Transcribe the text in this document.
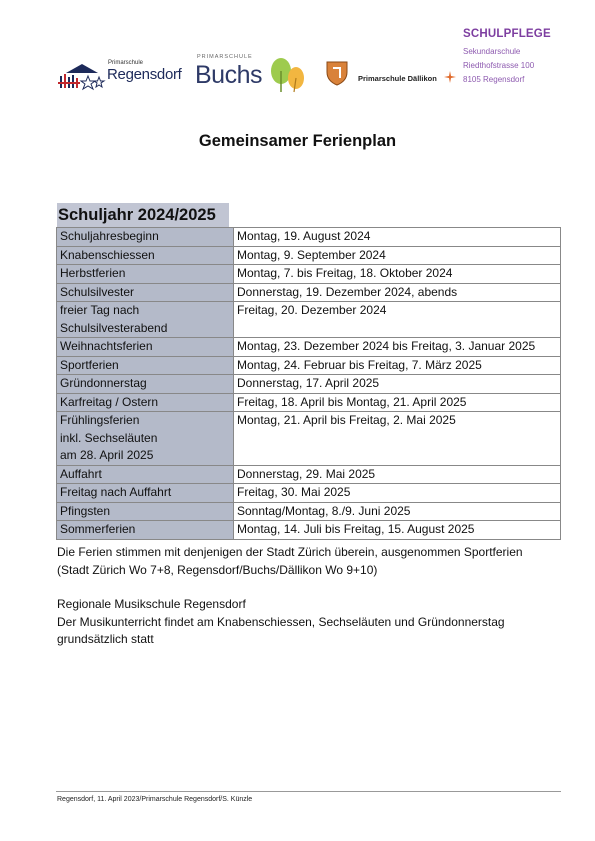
Primarschule
Regensdorf
PRIMARSCHULE
Buchs	Primarschule Dällikon
SCHULPFLEGE
Sekundarschule
Riedthofstrasse 100
8105 Regensdorf
Gemeinsamer Ferienplan
Schuljahr 2024/2025
Schuljahresbeginn	Montag, 19. August 2024

Knabenschiessen	Montag, 9. September 2024

Herbstferien	Montag, 7. bis Freitag, 18. Oktober 2024

Schulsilvester	Donnerstag, 19. Dezember 2024, abends

freier Tag nach
Schulsilvesterabend	Freitag, 20. Dezember 2024

Weihnachtsferien	Montag, 23. Dezember 2024 bis Freitag, 3. Januar 2025

Sportferien	Montag, 24. Februar bis Freitag, 7. März 2025

Gründonnerstag	Donnerstag, 17. April 2025

Karfreitag / Ostern	Freitag, 18. April bis Montag, 21. April 2025

Frühlingsferien
inkl. Sechseläuten
am 28. April 2025	Montag, 21. April bis Freitag, 2. Mai 2025

Auffahrt	Donnerstag, 29. Mai 2025

Freitag nach Auffahrt	Freitag, 30. Mai 2025

Pfingsten	Sonntag/Montag, 8./9. Juni 2025

Sommerferien	Montag, 14. Juli bis Freitag, 15. August 2025
Die Ferien stimmen mit denjenigen der Stadt Zürich überein, ausgenommen Sportferien
(Stadt Zürich Wo 7+8, Regensdorf/Buchs/Dällikon Wo 9+10)
Regionale Musikschule Regensdorf
Der Musikunterricht findet am Knabenschiessen, Sechseläuten und Gründonnerstag
grundsätzlich statt
Regensdorf, 11. April 2023/Primarschule Regensdorf/S. Künzle
